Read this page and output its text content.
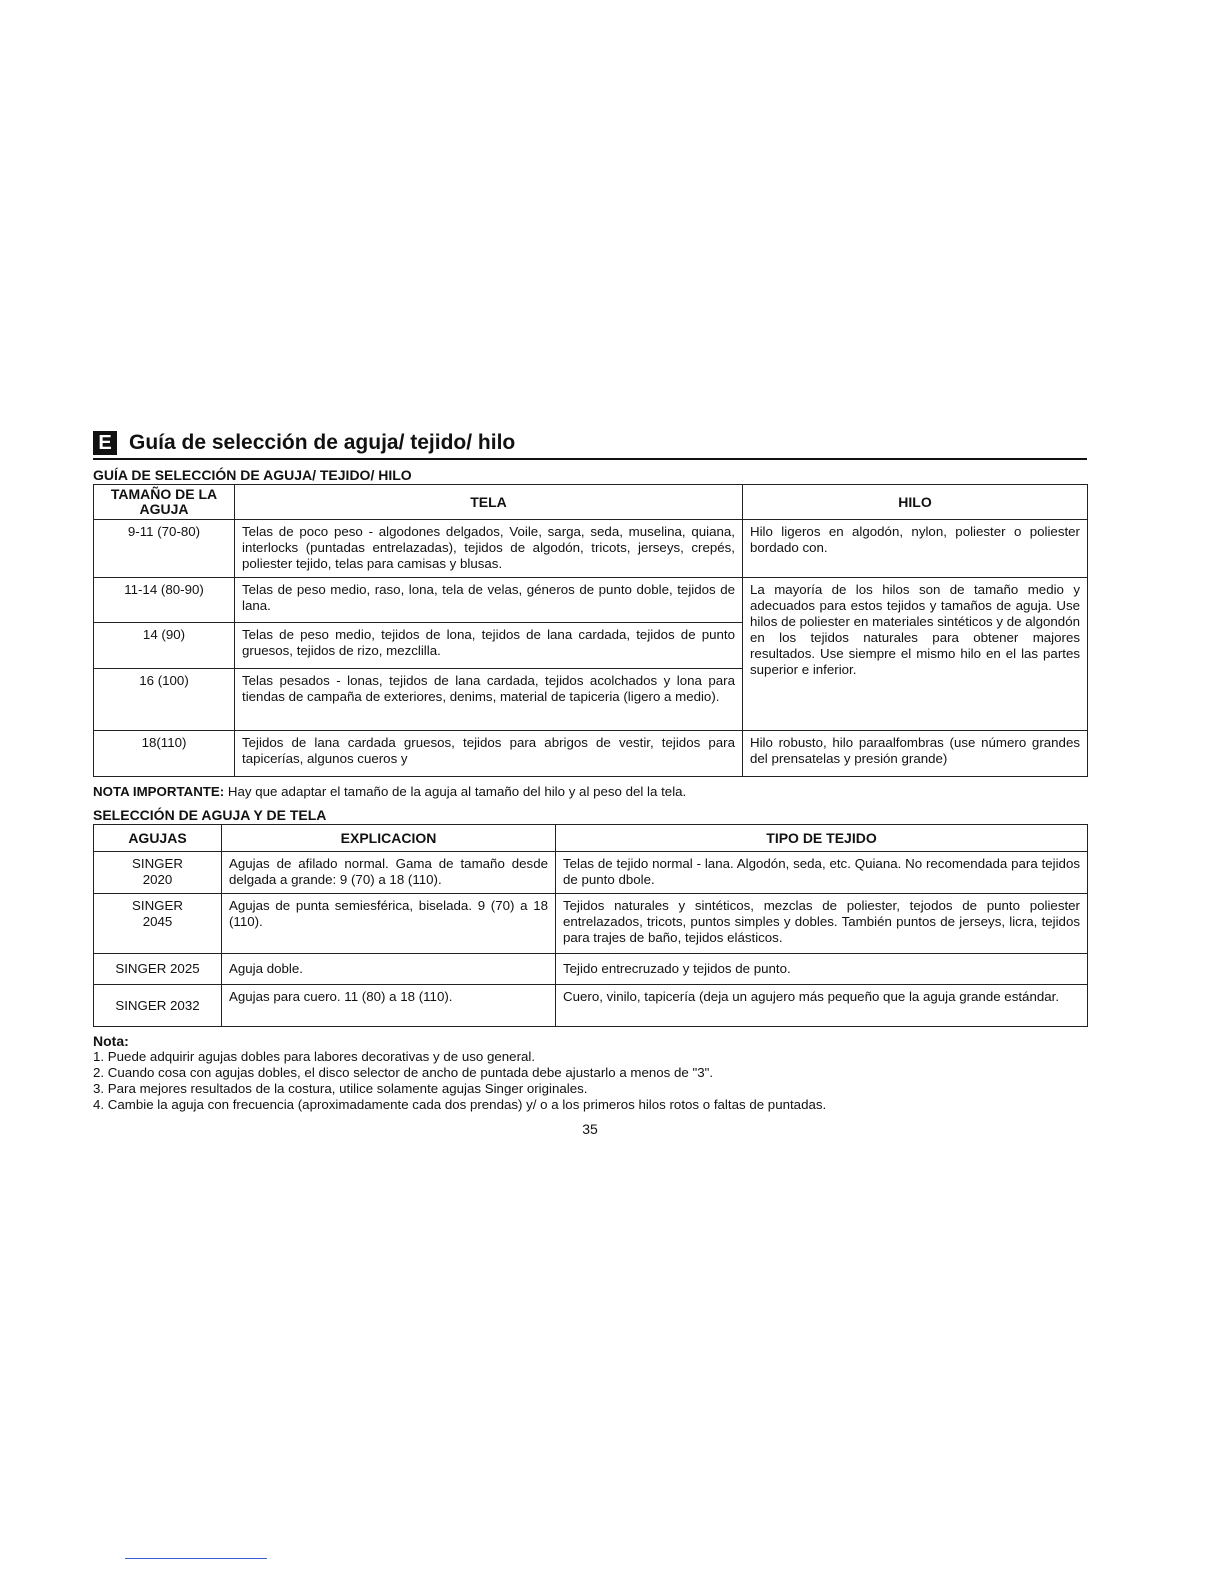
E Guía de selección de aguja/ tejido/ hilo
GUÍA DE SELECCIÓN DE AGUJA/ TEJIDO/ HILO
TAMAÑO DE LA AGUJA	TELA	HILO
9-11 (70-80)	Telas de poco peso - algodones delgados, Voile, sarga, seda, muselina, quiana, interlocks (puntadas entrelazadas), tejidos de algodón, tricots, jerseys, crepés, poliester tejido, telas para camisas y blusas.	Hilo ligeros en algodón, nylon, poliester o poliester bordado con.
11-14 (80-90)	Telas de peso medio, raso, lona, tela de velas, géneros de punto doble, tejidos de lana.	La mayoría de los hilos son de tamaño medio y adecuados para estos tejidos y tamaños de aguja. Use hilos de poliester en materiales sintéticos y de algondón en los tejidos naturales para obtener majores resultados. Use siempre el mismo hilo en el las partes superior e inferior.
14 (90)	Telas de peso medio, tejidos de lona, tejidos de lana cardada, tejidos de punto gruesos, tejidos de rizo, mezclilla.	
16 (100)	Telas pesados - lonas, tejidos de lana cardada, tejidos acolchados y lona para tiendas de campaña de exteriores, denims, material de tapiceria (ligero a medio).	
18(110)	Tejidos de lana cardada gruesos, tejidos para abrigos de vestir, tejidos para tapicerías, algunos cueros y	Hilo robusto, hilo paraalfombras (use número grandes del prensatelas y presión grande)
NOTA IMPORTANTE: Hay que adaptar el tamaño de la aguja al tamaño del hilo y al peso del la tela.
SELECCIÓN DE AGUJA Y DE TELA
AGUJAS	EXPLICACION	TIPO DE TEJIDO
SINGER 2020	Agujas de afilado normal. Gama de tamaño desde delgada a grande: 9 (70) a 18 (110).	Telas de tejido normal - lana. Algodón, seda, etc. Quiana. No recomendada para tejidos de punto dbole.
SINGER 2045	Agujas de punta semiesférica, biselada. 9 (70) a 18 (110).	Tejidos naturales y sintéticos, mezclas de poliester, tejodos de punto poliester entrelazados, tricots, puntos simples y dobles. También puntos de jerseys, licra, tejidos para trajes de baño, tejidos elásticos.
SINGER 2025	Aguja doble.	Tejido entrecruzado y tejidos de punto.
SINGER 2032	Agujas para cuero. 11 (80) a 18 (110).	Cuero, vinilo, tapicería (deja un agujero más pequeño que la aguja grande estándar.
Nota:
1. Puede adquirir agujas dobles para labores decorativas y de uso general.
2. Cuando cosa con agujas dobles, el disco selector de ancho de puntada debe ajustarlo a menos de "3".
3. Para mejores resultados de la costura, utilice solamente agujas Singer originales.
4. Cambie la aguja con frecuencia (aproximadamente cada dos prendas) y/ o a los primeros hilos rotos o faltas de puntadas.
35
